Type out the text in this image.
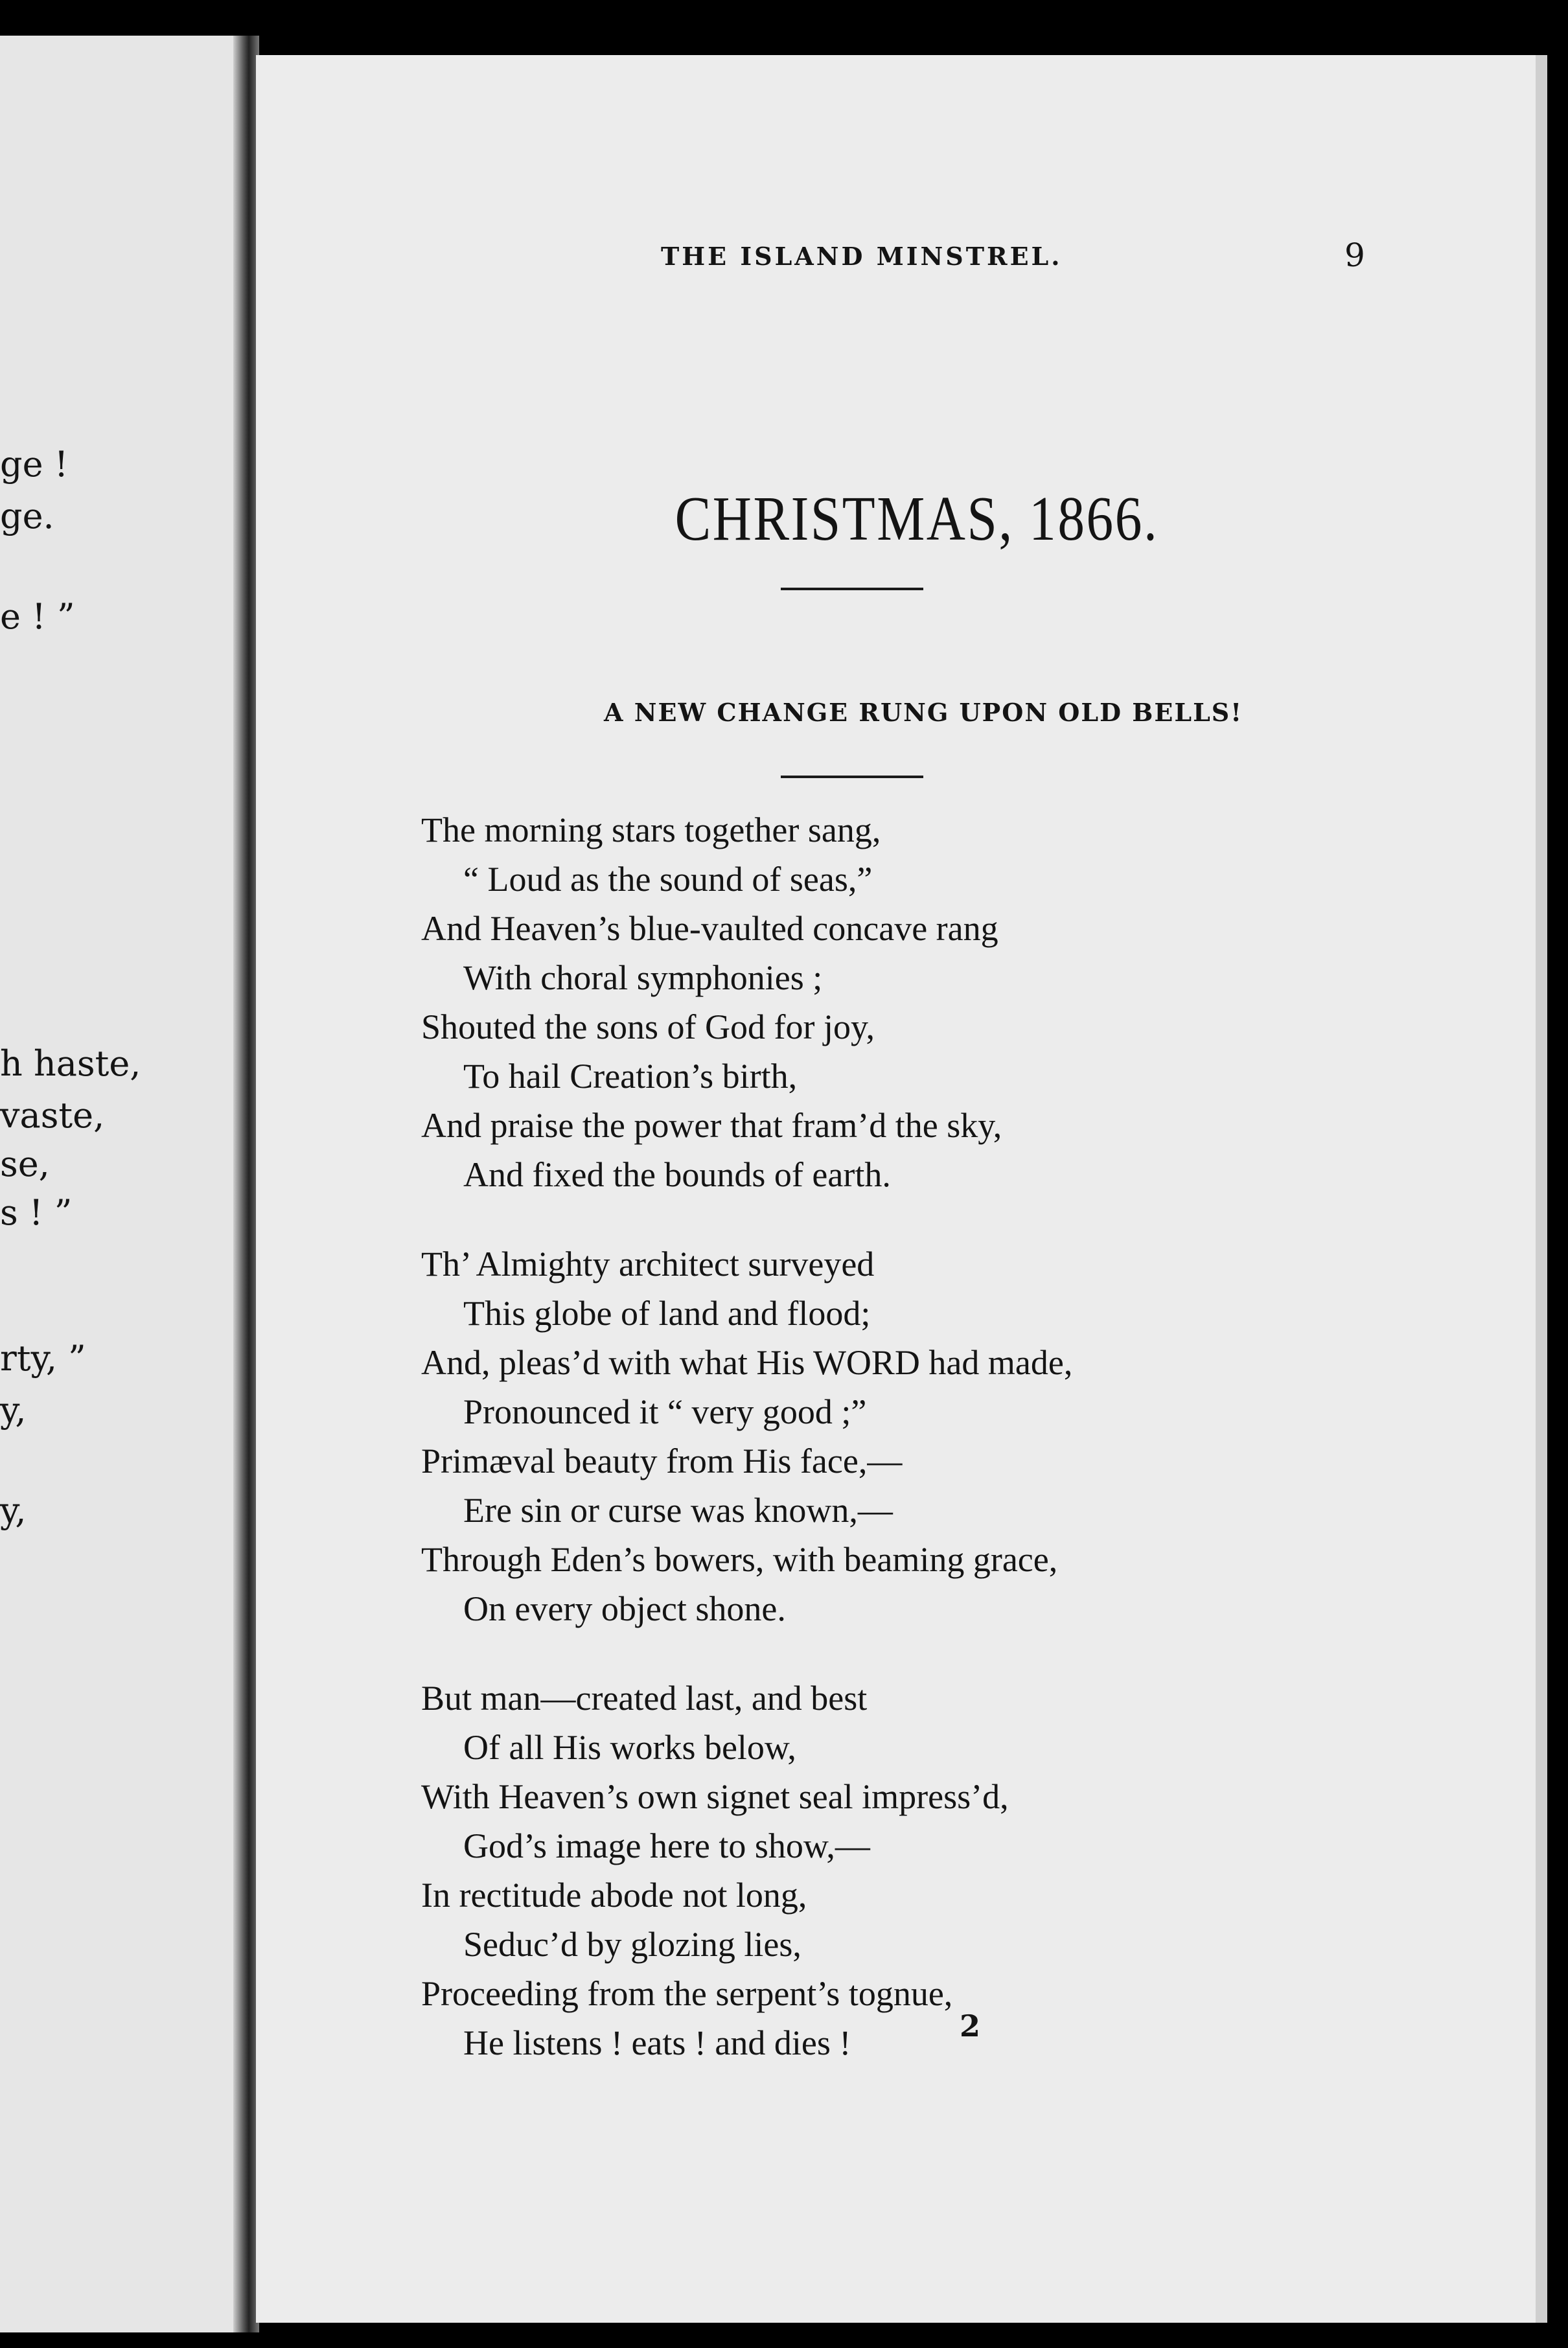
ge !
ge.
e ! ”
h haste,
vaste,
se,
s ! ”
rty, ”
y,
y,
THE ISLAND MINSTREL.	9
CHRISTMAS, 1866.
A NEW CHANGE RUNG UPON OLD BELLS!
The morning stars together sang,
“ Loud as the sound of seas,”
And Heaven’s blue-vaulted concave rang
With choral symphonies ;
Shouted the sons of God for joy,
To hail Creation’s birth,
And praise the power that fram’d the sky,
And fixed the bounds of earth.
Th’ Almighty architect surveyed
This globe of land and flood;
And, pleas’d with what His WORD had made,
Pronounced it “ very good ;”
Primæval beauty from His face,—
Ere sin or curse was known,—
Through Eden’s bowers, with beaming grace,
On every object shone.
But man—created last, and best
Of all His works below,
With Heaven’s own signet seal impress’d,
God’s image here to show,—
In rectitude abode not long,
Seduc’d by glozing lies,
Proceeding from the serpent’s tognue,
He listens ! eats ! and dies !	2
